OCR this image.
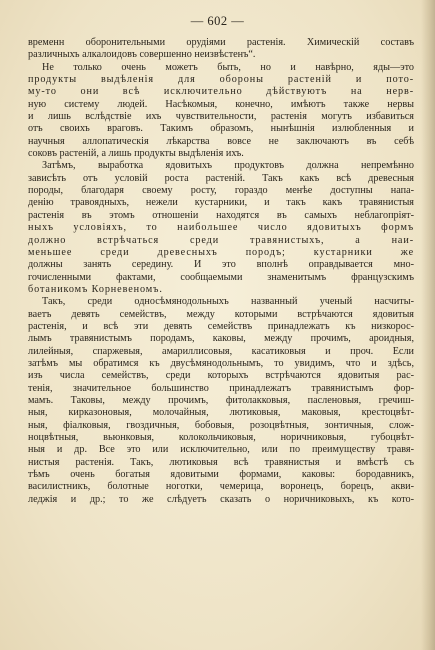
— 602 —
временн оборонительными орудіями растенія. Химическій составъ
различныхъ алкалоидовъ совершенно неизвѣстенъ“.
Не только очень можетъ быть, но и навѣрно, яды—это
продукты выдѣленія для обороны растеній и пото-
му-то они всѣ исключительно дѣйствуютъ на нерв-
ную систему людей. Насѣкомыя, конечно, имѣютъ также нервы
и лишь вслѣдствіе ихъ чувствительности, растенія могутъ избавиться
отъ своихъ враговъ. Такимъ образомъ, нынѣшнія излюбленныя и
научныя аллопатическія лѣкарства вовсе не заключаютъ въ себѣ
соковъ растеній, а лишь продукты выдѣленія ихъ.
Затѣмъ, выработка ядовитыхъ продуктовъ должна непремѣнно
зависѣть отъ условій роста растеній. Такъ какъ всѣ древесныя
породы, благодаря своему росту, гораздо менѣе доступны напа-
денію травоядныхъ, нежели кустарники, и такъ какъ травянистыя
растенія въ этомъ отношеніи находятся въ самыхъ неблагопріят-
ныхъ условіяхъ, то наибольшее число ядовитыхъ формъ
должно встрѣчаться среди травянистыхъ, а наи-
меньшее среди древесныхъ породъ; кустарники же
должны занять середину. И это вполнѣ оправдывается мно-
гочисленными фактами, сообщаемыми знаменитымъ французскимъ
ботаникомъ Корневеномъ.
Такъ, среди односѣмянодольныхъ названный ученый насчиты-
ваетъ девять семействъ, между которыми встрѣчаются ядовитыя
растенія, и всѣ эти девять семействъ принадлежатъ къ низкорос-
лымъ травянистымъ породамъ, каковы, между прочимъ, ароидныя,
лилейныя, спаржевыя, амариллисовыя, касатиковыя и проч. Если
затѣмъ мы обратимся къ двусѣмянодольнымъ, то увидимъ, что и здѣсь,
изъ числа семействъ, среди которыхъ встрѣчаются ядовитыя рас-
тенія, значительное большинство принадлежатъ травянистымъ фор-
мамъ. Таковы, между прочимъ, фитолакковыя, пасленовыя, гречиш-
ныя, кирказоновыя, молочайныя, лютиковыя, маковыя, крестоцвѣт-
ныя, фіалковыя, гвоздичныя, бобовыя, розоцвѣтныя, зонтичныя, слож-
ноцвѣтныя, вьюнковыя, колокольчиковыя, норичниковыя, губоцвѣт-
ныя и др. Все это или исключительно, или по преимуществу травя-
нистыя растенія. Такъ, лютиковыя всѣ травянистыя и вмѣстѣ съ
тѣмъ очень богатыя ядовитыми формами, каковы: бородавникъ,
василистникъ, болотные ноготки, чемерица, воронецъ, борецъ, акви-
леджія и др.; то же слѣдуетъ сказать о норичниковыхъ, къ кото-
